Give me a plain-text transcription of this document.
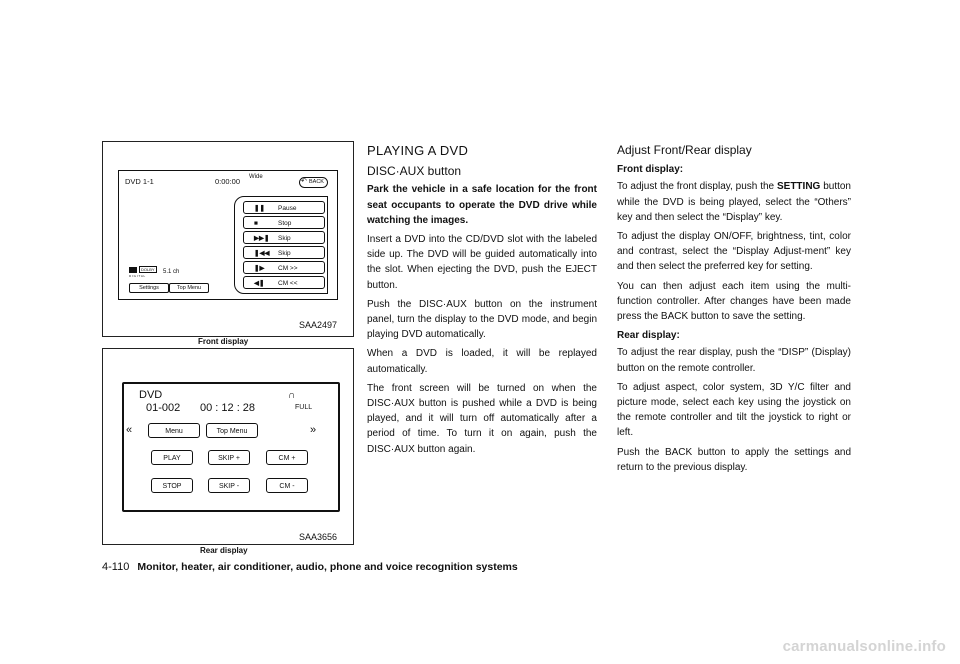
DVD 1-1	0:00:00 Wide
↶ BACK
DOLBY
D I G I T A L
5.1 ch
Settings	Top Menu
❚❚ Pause
■	Stop
▶▶❚ Skip
❚◀◀ Skip
❚▶ CM >>
◀❚ CM <<
SAA2497
Front display
DVD
01-002 00 : 12 : 28
∩
FULL
«	»
Menu	Top Menu
PLAY	SKIP +	CM +
STOP	SKIP -	CM -
SAA3656
Rear display
PLAYING A DVD
DISC·AUX button

Park the vehicle in a safe location for the front seat occupants to operate the DVD drive while watching the images.

Insert a DVD into the CD/DVD slot with the labeled side up. The DVD will be guided automatically into the slot. When ejecting the DVD, push the EJECT button.

Push the DISC·AUX button on the instrument panel, turn the display to the DVD mode, and begin playing DVD automatically.

When a DVD is loaded, it will be replayed automatically.

The front screen will be turned on when the DISC·AUX button is pushed while a DVD is being played, and it will turn off automatically after a period of time. To turn it on again, push the DISC·AUX button again.

Adjust Front/Rear display
Front display:

To adjust the front display, push the SETTING button while the DVD is being played, select the “Others” key and then select the “Display” key.

To adjust the display ON/OFF, brightness, tint, color and contrast, select the “Display Adjust-ment” key and then select the preferred key for setting.

You can then adjust each item using the multi-function controller. After changes have been made press the BACK button to save the setting.

Rear display:

To adjust the rear display, push the “DISP” (Display) button on the remote controller.

To adjust aspect, color system, 3D Y/C filter and picture mode, select each key using the joystick on the remote controller and tilt the joystick to right or left.

Push the BACK button to apply the settings and return to the previous display.

4-110 Monitor, heater, air conditioner, audio, phone and voice recognition systems
carmanualsonline.info
